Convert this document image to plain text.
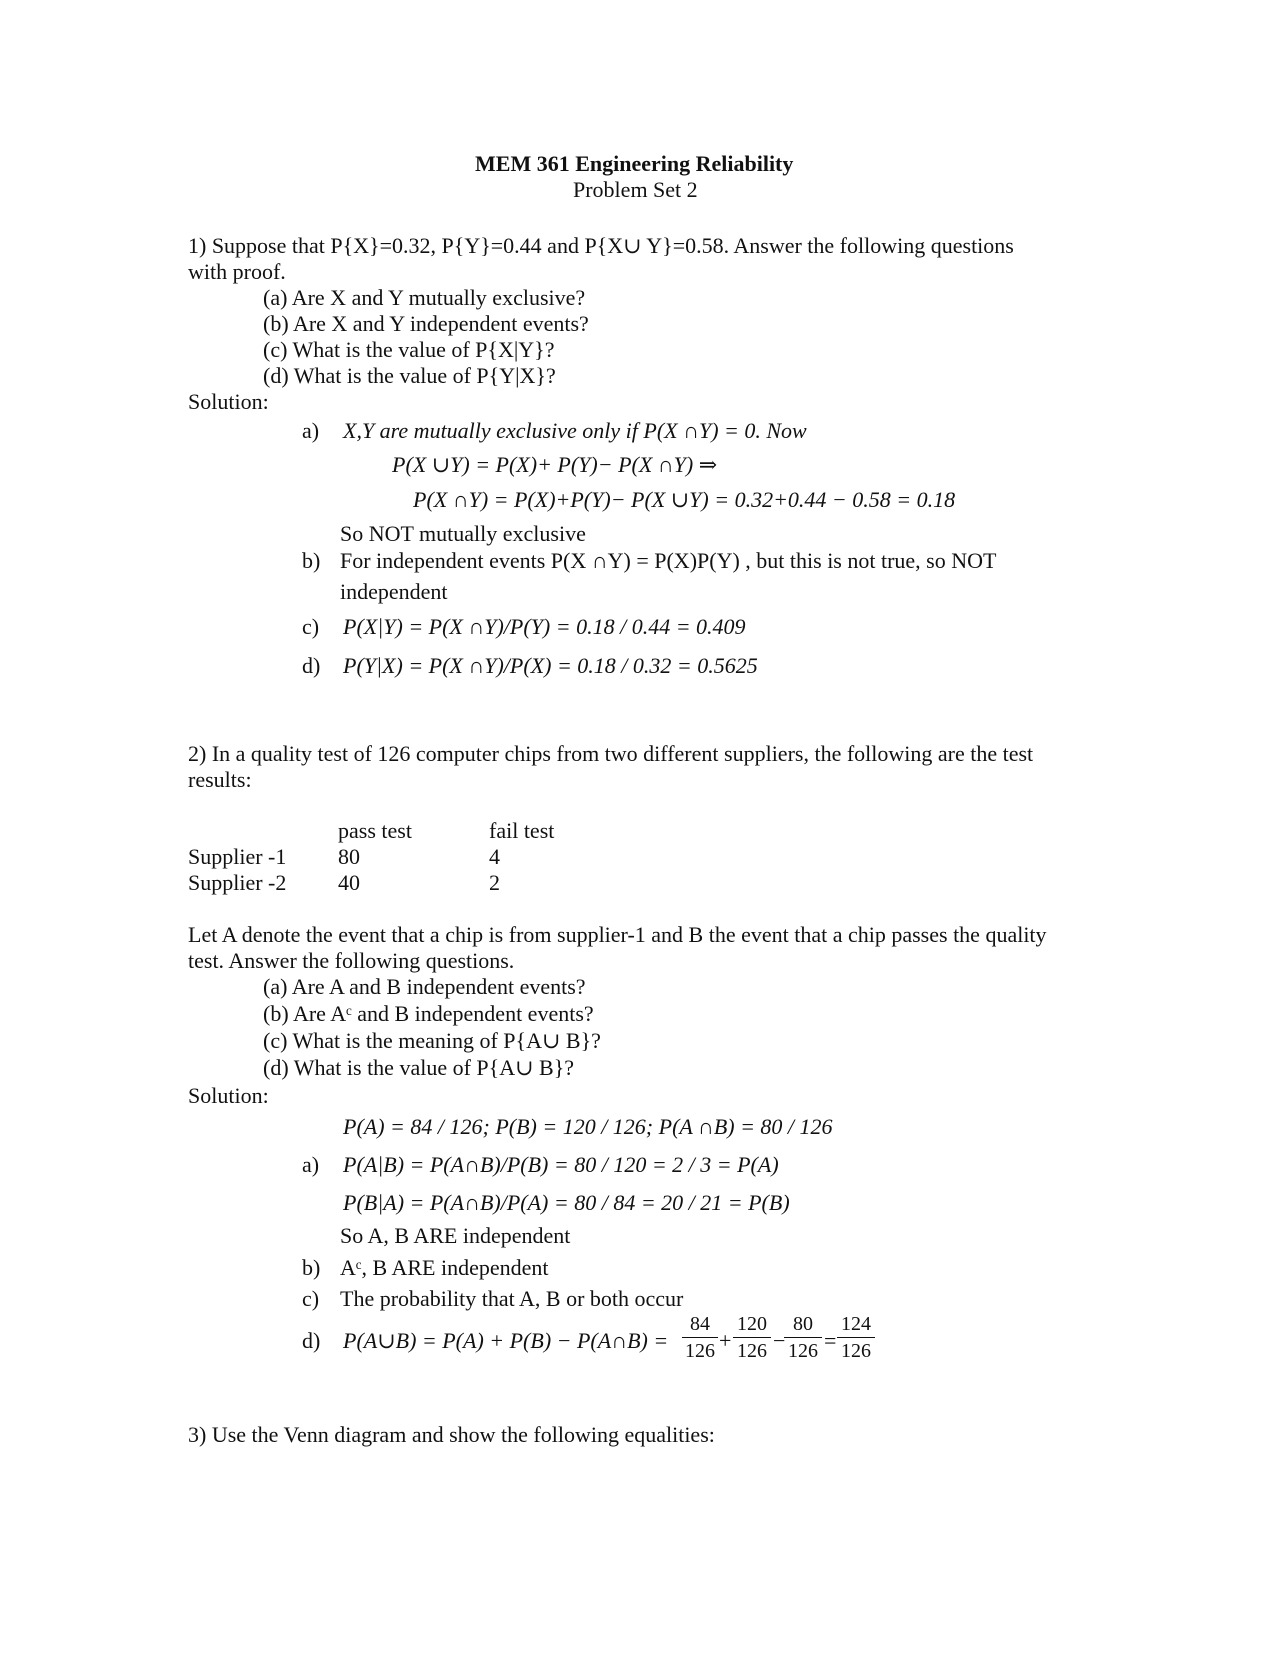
MEM 361 Engineering Reliability
Problem Set 2
1) Suppose that P{X}=0.32, P{Y}=0.44 and P{X∪ Y}=0.58. Answer the following questions
with proof.
(a) Are X and Y mutually exclusive?
(b) Are X and Y independent events?
(c) What is the value of P{X|Y}?
(d) What is the value of P{Y|X}?
Solution:
a) X,Y are mutually exclusive only if P(X ∩Y) = 0. Now
P(X ∪Y) = P(X)+ P(Y)− P(X ∩Y) ⇒
P(X ∩Y) = P(X)+P(Y)− P(X ∪Y) = 0.32+0.44 − 0.58 = 0.18
So NOT mutually exclusive
b) For independent events P(X ∩Y) = P(X)P(Y) , but this is not true, so NOT
independent
c) P(X|Y) = P(X ∩Y)/P(Y) = 0.18 / 0.44 = 0.409
d) P(Y|X) = P(X ∩Y)/P(X) = 0.18 / 0.32 = 0.5625
2) In a quality test of 126 computer chips from two different suppliers, the following are the test
results:
pass test	fail test
Supplier -1 80	4
Supplier -2 40	2
Let A denote the event that a chip is from supplier-1 and B the event that a chip passes the quality
test. Answer the following questions.
(a) Are A and B independent events?
(b) Are Aᶜ and B independent events?
(c) What is the meaning of P{A∪ B}?
(d) What is the value of P{A∪ B}?
Solution:
P(A) = 84 / 126; P(B) = 120 / 126; P(A ∩B) = 80 / 126
a) P(A|B) = P(A∩B)/P(B) = 80 / 120 = 2 / 3 = P(A)
P(B|A) = P(A∩B)/P(A) = 80 / 84 = 20 / 21 = P(B)
So A, B ARE independent
b) Aᶜ, B ARE independent
c) The probability that A, B or both occur
d) P(A∪B) = P(A) + P(B) − P(A∩B) =
84
126 +
120
126 −
80
126 =
124
126
3) Use the Venn diagram and show the following equalities:
